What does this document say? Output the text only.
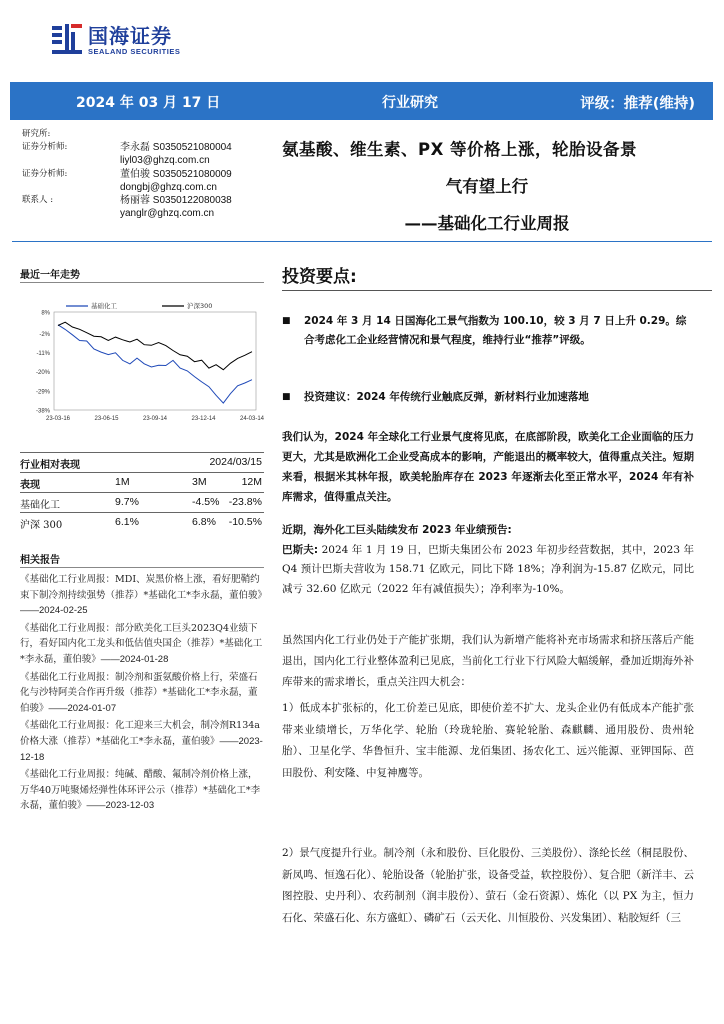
国海证券
SEALAND SECURITIES
2024 年 03 月 17 日	行业研究	评级：推荐(维持)
研究所:
证券分析师:	李永磊 S0350521080004
liyl03@ghzq.com.cn
证券分析师:	董伯骏 S0350521080009
dongbj@ghzq.com.cn
联系人 :	杨丽蓉 S0350122080038
yanglr@ghzq.com.cn
氨基酸、维生素、PX 等价格上涨，轮胎设备景
气有望上行
——基础化工行业周报
最近一年走势
8%
-2%
-11%
-20%
-29%
-38%
23-03-16	23-06-15	23-09-14	23-12-14	24-03-14
基础化工	沪深300
行业相对表现	2024/03/15
表现	1M	3M	12M
基础化工	9.7%	-4.5% -23.8%
沪深 300	6.1%	6.8% -10.5%
相关报告
《基础化工行业周报：MDI、炭黑价格上涨，看好肥鞘约束下制冷剂持续强势（推荐）*基础化工*李永磊，董伯骏》——2024-02-25
《基础化工行业周报：部分欧美化工巨头2023Q4业绩下行，看好国内化工龙头和低估值央国企（推荐）*基础化工*李永磊，董伯骏》——2024-01-28
《基础化工行业周报：制冷剂和蛋氨酸价格上行，荣盛石化与沙特阿美合作再升级（推荐）*基础化工*李永磊，董伯骏》——2024-01-07
《基础化工行业周报：化工迎来三大机会，制冷剂R134a价格大涨（推荐）*基础化工*李永磊，董伯骏》——2023-12-18
《基础化工行业周报：纯碱、醋酸、氟制冷剂价格上涨，万华40万吨聚烯烃弹性体环评公示（推荐）*基础化工*李永磊，董伯骏》——2023-12-03
投资要点:
■ 2024 年 3 月 14 日国海化工景气指数为 100.10，较 3 月 7 日上升 0.29。综合考虑化工企业经营情况和景气程度，维持行业“推荐”评级。
■ 投资建议：2024 年传统行业触底反弹，新材料行业加速落地
我们认为，2024 年全球化工行业景气度将见底，在底部阶段，欧美化工企业面临的压力更大，尤其是欧洲化工企业受高成本的影响，产能退出的概率较大，值得重点关注。短期来看，根据米其林年报，欧美轮胎库存在 2023 年逐渐去化至正常水平，2024 年有补库需求，值得重点关注。
近期，海外化工巨头陆续发布 2023 年业绩预告:
巴斯夫: 2024 年 1 月 19 日，巴斯夫集团公布 2023 年初步经营数据，其中，2023 年 Q4 预计巴斯夫营收为 158.71 亿欧元，同比下降 18%；净利润为-15.87 亿欧元，同比减亏 32.60 亿欧元（2022 年有减值损失）；净利率为-10%。
虽然国内化工行业仍处于产能扩张期，我们认为新增产能将补充市场需求和挤压落后产能退出，国内化工行业整体盈利已见底，当前化工行业下行风险大幅缓解，叠加近期海外补库带来的需求增长，重点关注四大机会：
1）低成本扩张标的，化工价差已见底，即使价差不扩大、龙头企业仍有低成本产能扩张带来业绩增长，万华化学、轮胎（玲珑轮胎、赛轮轮胎、森麒麟、通用股份、贵州轮胎）、卫星化学、华鲁恒升、宝丰能源、龙佰集团、扬农化工、远兴能源、亚钾国际、芭田股份、利安隆、中复神鹰等。
2）景气度提升行业。制冷剂（永和股份、巨化股份、三美股份）、涤纶长丝（桐昆股份、新凤鸣、恒逸石化）、轮胎设备（轮胎扩张，设备受益，软控股份）、复合肥（新洋丰、云图控股、史丹利）、农药制剂（润丰股份）、萤石（金石资源）、炼化（以 PX 为主，恒力石化、荣盛石化、东方盛虹）、磷矿石（云天化、川恒股份、兴发集团）、粘胶短纤（三
